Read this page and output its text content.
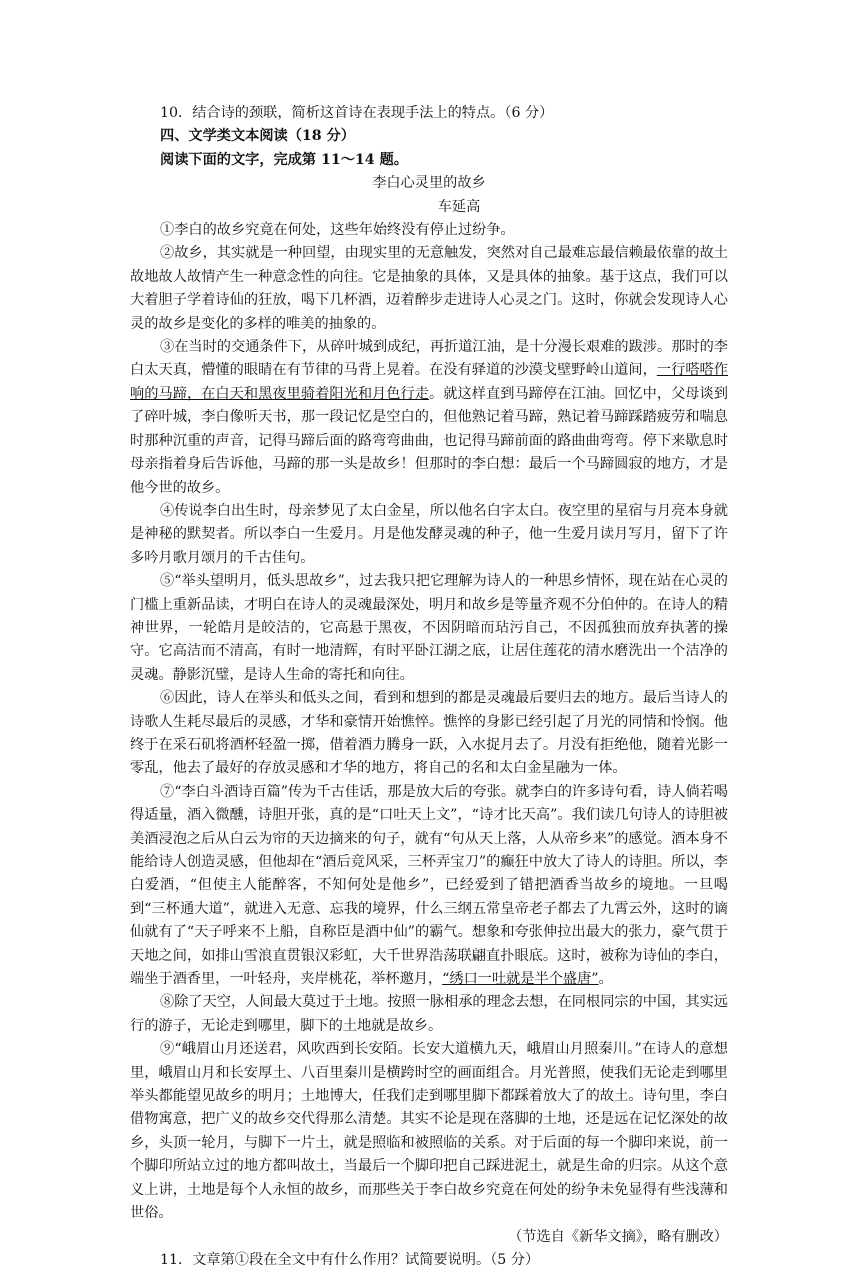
10．结合诗的颈联，简析这首诗在表现手法上的特点。（6 分）
四、文学类文本阅读（18 分）
阅读下面的文字，完成第 11～14 题。
李白心灵里的故乡
车延高
①李白的故乡究竟在何处，这些年始终没有停止过纷争。
②故乡，其实就是一种回望，由现实里的无意触发，突然对自己最难忘最信赖最依靠的故土故地故人故情产生一种意念性的向往。它是抽象的具体，又是具体的抽象。基于这点，我们可以大着胆子学着诗仙的狂放，喝下几杯酒，迈着醉步走进诗人心灵之门。这时，你就会发现诗人心灵的故乡是变化的多样的唯美的抽象的。
③在当时的交通条件下，从碎叶城到成纪，再折道江油，是十分漫长艰难的跋涉。那时的李白太天真，懵懂的眼睛在有节律的马背上晃着。在没有驿道的沙漠戈壁野岭山道间，一行嗒嗒作响的马蹄，在白天和黑夜里骑着阳光和月色行走。就这样直到马蹄停在江油。回忆中，父母谈到了碎叶城，李白像听天书，那一段记忆是空白的，但他熟记着马蹄，熟记着马蹄踩踏疲劳和喘息时那种沉重的声音，记得马蹄后面的路弯弯曲曲，也记得马蹄前面的路曲曲弯弯。停下来歇息时母亲指着身后告诉他，马蹄的那一头是故乡！但那时的李白想：最后一个马蹄圆寂的地方，才是他今世的故乡。
④传说李白出生时，母亲梦见了太白金星，所以他名白字太白。夜空里的星宿与月亮本身就是神秘的默契者。所以李白一生爱月。月是他发酵灵魂的种子，他一生爱月读月写月，留下了许多吟月歌月颂月的千古佳句。
⑤“举头望明月，低头思故乡”，过去我只把它理解为诗人的一种思乡情怀，现在站在心灵的门槛上重新品读，才明白在诗人的灵魂最深处，明月和故乡是等量齐观不分伯仲的。在诗人的精神世界，一轮皓月是皎洁的，它高悬于黑夜，不因阴暗而玷污自己，不因孤独而放弃执著的操守。它高洁而不清高，有时一地清辉，有时平卧江湖之底，让居住莲花的清水磨洗出一个洁净的灵魂。静影沉璧，是诗人生命的寄托和向往。
⑥因此，诗人在举头和低头之间，看到和想到的都是灵魂最后要归去的地方。最后当诗人的诗歌人生耗尽最后的灵感，才华和豪情开始憔悴。憔悴的身影已经引起了月光的同情和怜悯。他终于在采石矶将酒杯轻盈一掷，借着酒力腾身一跃，入水捉月去了。月没有拒绝他，随着光影一零乱，他去了最好的存放灵感和才华的地方，将自己的名和太白金星融为一体。
⑦“李白斗酒诗百篇”传为千古佳话，那是放大后的夸张。就李白的许多诗句看，诗人倘若喝得适量，酒入微醺，诗胆开张，真的是“口吐天上文”，“诗才比天高”。我们读几句诗人的诗胆被美酒浸泡之后从白云为帘的天边摘来的句子，就有“句从天上落，人从帝乡来”的感觉。酒本身不能给诗人创造灵感，但他却在“酒后竞风采，三杯弄宝刀”的癫狂中放大了诗人的诗胆。所以，李白爱酒，“但使主人能醉客，不知何处是他乡”，已经爱到了错把酒香当故乡的境地。一旦喝到“三杯通大道”，就进入无意、忘我的境界，什么三纲五常皇帝老子都去了九霄云外，这时的谪仙就有了“天子呼来不上船，自称臣是酒中仙”的霸气。想象和夸张伸拉出最大的张力，豪气贯于天地之间，如排山雪浪直贯银汉彩虹，大千世界浩荡联翩直扑眼底。这时，被称为诗仙的李白，端坐于酒香里，一叶轻舟，夹岸桃花，举杯邀月，“绣口一吐就是半个盛唐”。
⑧除了天空，人间最大莫过于土地。按照一脉相承的理念去想，在同根同宗的中国，其实远行的游子，无论走到哪里，脚下的土地就是故乡。
⑨“峨眉山月还送君，风吹西到长安陌。长安大道横九天，峨眉山月照秦川。”在诗人的意想里，峨眉山月和长安厚土、八百里秦川是横跨时空的画面组合。月光普照，使我们无论走到哪里举头都能望见故乡的明月；土地博大，任我们走到哪里脚下都踩着放大了的故土。诗句里，李白借物寓意，把广义的故乡交代得那么清楚。其实不论是现在落脚的土地，还是远在记忆深处的故乡，头顶一轮月，与脚下一片土，就是照临和被照临的关系。对于后面的每一个脚印来说，前一个脚印所站立过的地方都叫故土，当最后一个脚印把自己踩进泥土，就是生命的归宗。从这个意义上讲，土地是每个人永恒的故乡，而那些关于李白故乡究竟在何处的纷争未免显得有些浅薄和世俗。
（节选自《新华文摘》，略有删改）
11．文章第①段在全文中有什么作用？试简要说明。（5 分）
